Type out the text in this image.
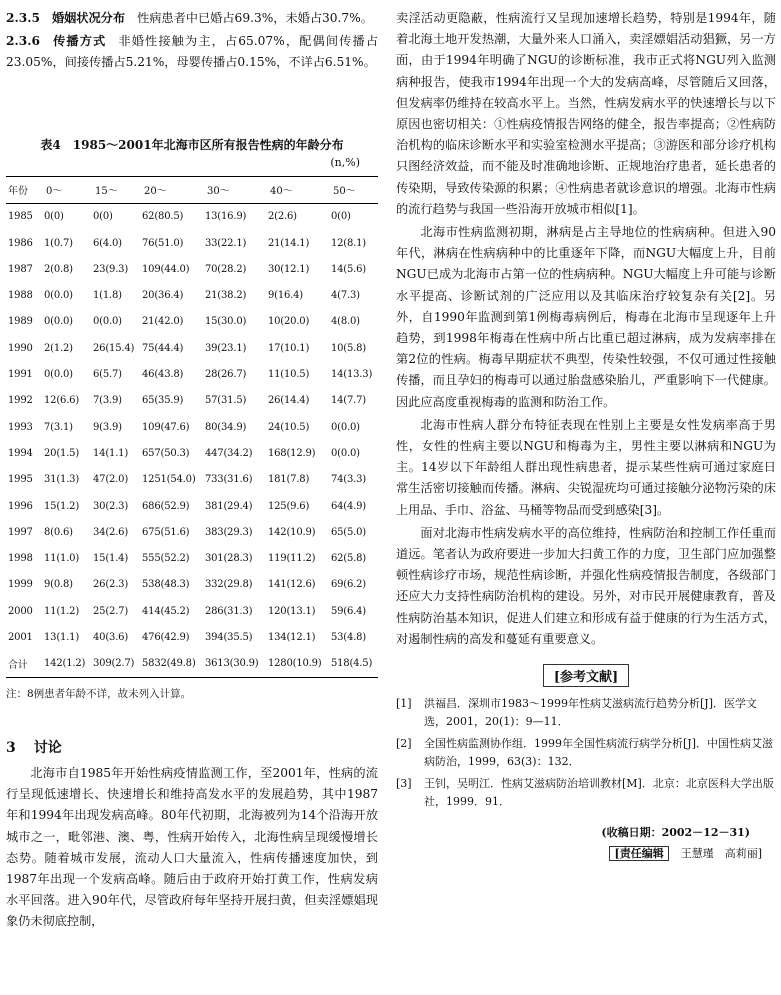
2.3.5 婚姻状况分布 性病患者中已婚占69.3%，未婚占30.7%。

2.3.6 传播方式 非婚性接触为主，占65.07%，配偶间传播占23.05%，间接传播占5.21%，母婴传播占0.15%，不详占6.51%。

表4　1985～2001年北海市区所有报告性病的年龄分布
(n,%)
年份	0～	15～	20～	30～	40～	50～
1985	0(0)	0(0)	62(80.5)	13(16.9)	2(2.6)	0(0)
1986	1(0.7)	6(4.0)	76(51.0)	33(22.1)	21(14.1)	12(8.1)
1987	2(0.8)	23(9.3)	109(44.0)	70(28.2)	30(12.1)	14(5.6)
1988	0(0.0)	1(1.8)	20(36.4)	21(38.2)	9(16.4)	4(7.3)
1989	0(0.0)	0(0.0)	21(42.0)	15(30.0)	10(20.0)	4(8.0)
1990	2(1.2)	26(15.4)	75(44.4)	39(23.1)	17(10.1)	10(5.8)
1991	0(0.0)	6(5.7)	46(43.8)	28(26.7)	11(10.5)	14(13.3)
1992	12(6.6)	7(3.9)	65(35.9)	57(31.5)	26(14.4)	14(7.7)
1993	7(3.1)	9(3.9)	109(47.6)	80(34.9)	24(10.5)	0(0.0)
1994	20(1.5)	14(1.1)	657(50.3)	447(34.2)	168(12.9)	0(0.0)
1995	31(1.3)	47(2.0)	1251(54.0)	733(31.6)	181(7.8)	74(3.3)
1996	15(1.2)	30(2.3)	686(52.9)	381(29.4)	125(9.6)	64(4.9)
1997	8(0.6)	34(2.6)	675(51.6)	383(29.3)	142(10.9)	65(5.0)
1998	11(1.0)	15(1.4)	555(52.2)	301(28.3)	119(11.2)	62(5.8)
1999	9(0.8)	26(2.3)	538(48.3)	332(29.8)	141(12.6)	69(6.2)
2000	11(1.2)	25(2.7)	414(45.2)	286(31.3)	120(13.1)	59(6.4)
2001	13(1.1)	40(3.6)	476(42.9)	394(35.5)	134(12.1)	53(4.8)
合计	142(1.2)	309(2.7)	5832(49.8)	3613(30.9)	1280(10.9)	518(4.5)
注：8例患者年龄不详，故未列入计算。
3 讨论

北海市自1985年开始性病疫情监测工作，至2001年，性病的流行呈现低速增长、快速增长和维持高发水平的发展趋势，其中1987年和1994年出现发病高峰。80年代初期，北海被列为14个沿海开放城市之一，毗邻港、澳、粤，性病开始传入，北海性病呈现缓慢增长态势。随着城市发展，流动人口大量流入，性病传播速度加快，到1987年出现一个发病高峰。随后由于政府开始打黄工作，性病发病水平回落。进入90年代，尽管政府每年坚持开展扫黄，但卖淫嫖娼现象仍未彻底控制，

卖淫活动更隐蔽，性病流行又呈现加速增长趋势，特别是1994年，随着北海土地开发热潮，大量外来人口涌入，卖淫嫖娼活动猖獗，另一方面，由于1994年明确了NGU的诊断标准，我市正式将NGU列入监测病种报告，使我市1994年出现一个大的发病高峰，尽管随后又回落，但发病率仍维持在较高水平上。当然，性病发病水平的快速增长与以下原因也密切相关：①性病疫情报告网络的健全，报告率提高；②性病防治机构的临床诊断水平和实验室检测水平提高；③游医和部分诊疗机构只图经济效益，而不能及时准确地诊断、正规地治疗患者，延长患者的传染期，导致传染源的积累；④性病患者就诊意识的增强。北海市性病的流行趋势与我国一些沿海开放城市相似[1]。

北海市性病监测初期，淋病是占主导地位的性病病种。但进入90年代，淋病在性病病种中的比重逐年下降，而NGU大幅度上升，目前NGU已成为北海市占第一位的性病病种。NGU大幅度上升可能与诊断水平提高、诊断试剂的广泛应用以及其临床治疗较复杂有关[2]。另外，自1990年监测到第1例梅毒病例后，梅毒在北海市呈现逐年上升趋势，到1998年梅毒在性病中所占比重已超过淋病，成为发病率排在第2位的性病。梅毒早期症状不典型，传染性较强，不仅可通过性接触传播，而且孕妇的梅毒可以通过胎盘感染胎儿，严重影响下一代健康。因此应高度重视梅毒的监测和防治工作。

北海市性病人群分布特征表现在性别上主要是女性发病率高于男性，女性的性病主要以NGU和梅毒为主，男性主要以淋病和NGU为主。14岁以下年龄组人群出现性病患者，提示某些性病可通过家庭日常生活密切接触而传播。淋病、尖锐湿疣均可通过接触分泌物污染的床上用品、手巾、浴盆、马桶等物品而受到感染[3]。

面对北海市性病发病水平的高位维持，性病防治和控制工作任重而道远。笔者认为政府要进一步加大扫黄工作的力度，卫生部门应加强整顿性病诊疗市场，规范性病诊断，并强化性病疫情报告制度，各级部门还应大力支持性病防治机构的建设。另外，对市民开展健康教育，普及性病防治基本知识，促进人们建立和形成有益于健康的行为生活方式，对遏制性病的高发和蔓延有重要意义。

[参考文献]
[1]	洪福昌．深圳市1983～1999年性病艾滋病流行趋势分析[J]．医学文选，2001，20(1)：9—11．
[2]	全国性病监测协作组．1999年全国性病流行病学分析[J]．中国性病艾滋病防治，1999，63(3)：132．
[3]	王钊，吴明江．性病艾滋病防治培训教材[M]．北京：北京医科大学出版社，1999．91．
(收稿日期：2002－12－31)
[责任编辑 王慧瑾　高莉丽]
